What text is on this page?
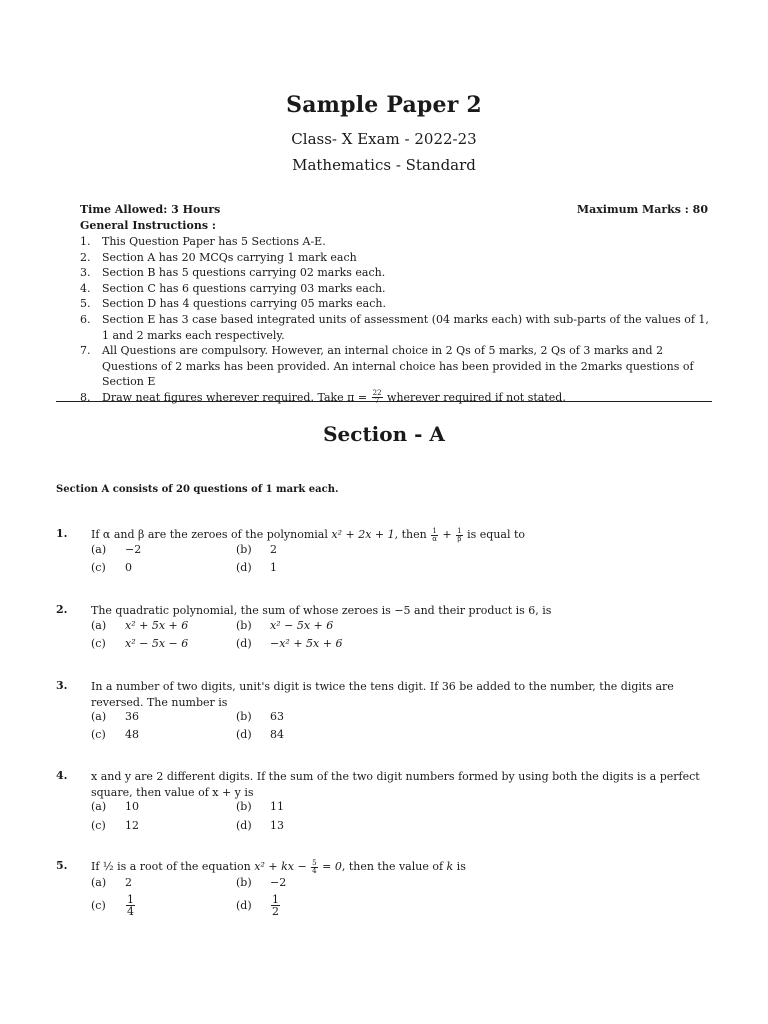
Sample Paper 2
Class- X Exam - 2022-23
Mathematics - Standard
Time Allowed: 3 Hours	Maximum Marks : 80
General Instructions :
1. This Question Paper has 5 Sections A-E.
2. Section A has 20 MCQs carrying 1 mark each
3. Section B has 5 questions carrying 02 marks each.
4. Section C has 6 questions carrying 03 marks each.
5. Section D has 4 questions carrying 05 marks each.
6. Section E has 3 case based integrated units of assessment (04 marks each) with sub-parts of the values of 1, 1 and 2 marks each respectively.
7. All Questions are compulsory. However, an internal choice in 2 Qs of 5 marks, 2 Qs of 3 marks and 2 Questions of 2 marks has been provided. An internal choice has been provided in the 2marks questions of Section E
8. Draw neat figures wherever required. Take $\pi = \frac{22}{7}$ wherever required if not stated.
Section - A
Section A consists of 20 questions of 1 mark each.
1. If α and β are the zeroes of the polynomial x² + 2x + 1, then $\frac{1}{\alpha} + \frac{1}{\beta}$ is equal to
(a) −2	(b) 2
(c) 0	(d) 1
2. The quadratic polynomial, the sum of whose zeroes is −5 and their product is 6, is
(a) x² + 5x + 6	(b) x² − 5x + 6
(c) x² − 5x − 6	(d) −x² + 5x + 6
3. In a number of two digits, unit's digit is twice the tens digit. If 36 be added to the number, the digits are reversed. The number is
(a) 36	(b) 63
(c) 48	(d) 84
4. x and y are 2 different digits. If the sum of the two digit numbers formed by using both the digits is a perfect square, then value of x + y is
(a) 10	(b) 11
(c) 12	(d) 13
5. If ½ is a root of the equation x² + kx − $\frac{5}{4} = 0$, then the value of k is
(a) 2	(b) −2
$(c) \frac{1}{4}$	$(d) \frac{1}{2}$
